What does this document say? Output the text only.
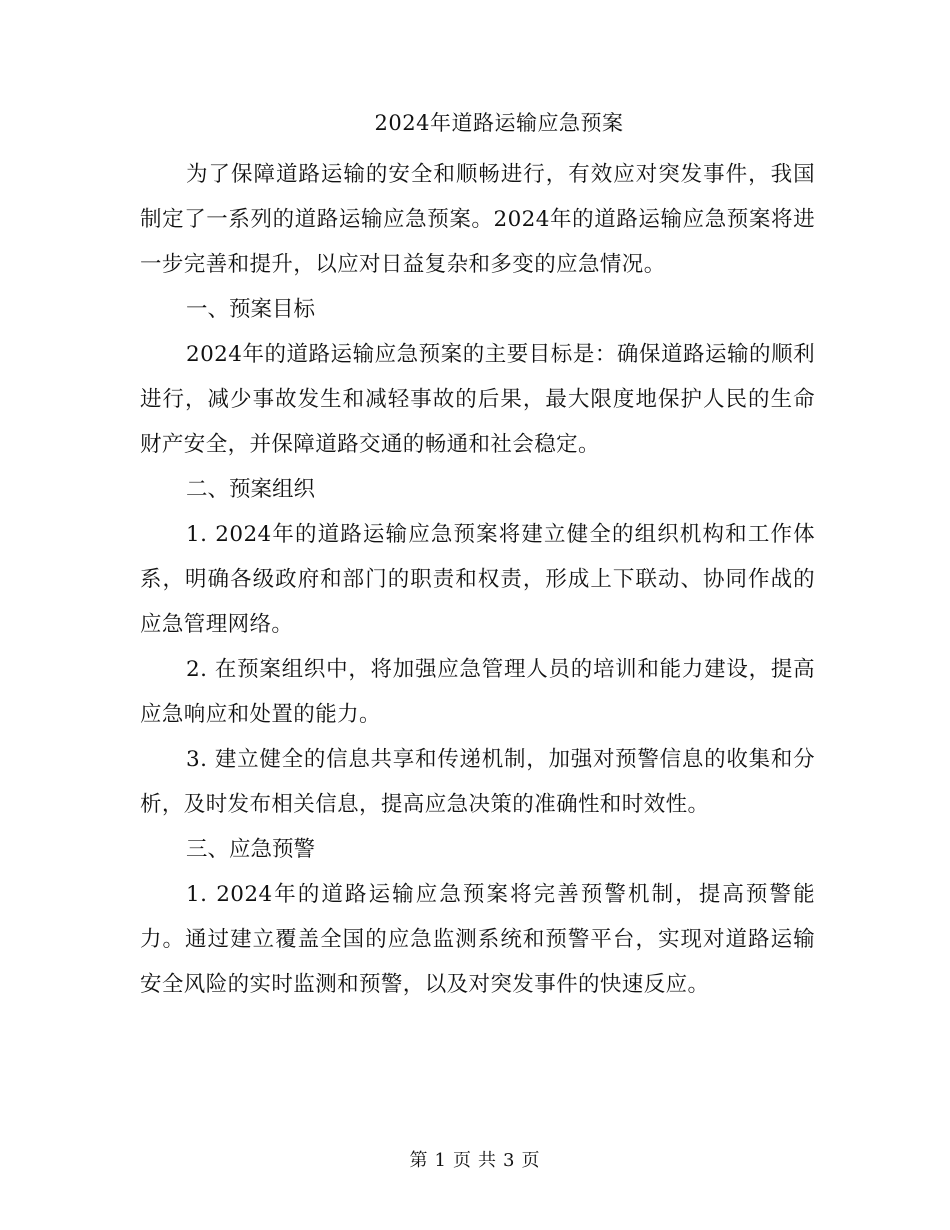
2024年道路运输应急预案

为了保障道路运输的安全和顺畅进行，有效应对突发事件，我国制定了一系列的道路运输应急预案。2024年的道路运输应急预案将进一步完善和提升，以应对日益复杂和多变的应急情况。

一、预案目标

2024年的道路运输应急预案的主要目标是：确保道路运输的顺利进行，减少事故发生和减轻事故的后果，最大限度地保护人民的生命财产安全，并保障道路交通的畅通和社会稳定。

二、预案组织

1. 2024年的道路运输应急预案将建立健全的组织机构和工作体系，明确各级政府和部门的职责和权责，形成上下联动、协同作战的应急管理网络。

2. 在预案组织中，将加强应急管理人员的培训和能力建设，提高应急响应和处置的能力。

3. 建立健全的信息共享和传递机制，加强对预警信息的收集和分析，及时发布相关信息，提高应急决策的准确性和时效性。

三、应急预警

1. 2024年的道路运输应急预案将完善预警机制，提高预警能力。通过建立覆盖全国的应急监测系统和预警平台，实现对道路运输安全风险的实时监测和预警，以及对突发事件的快速反应。

第 1 页 共 3 页
